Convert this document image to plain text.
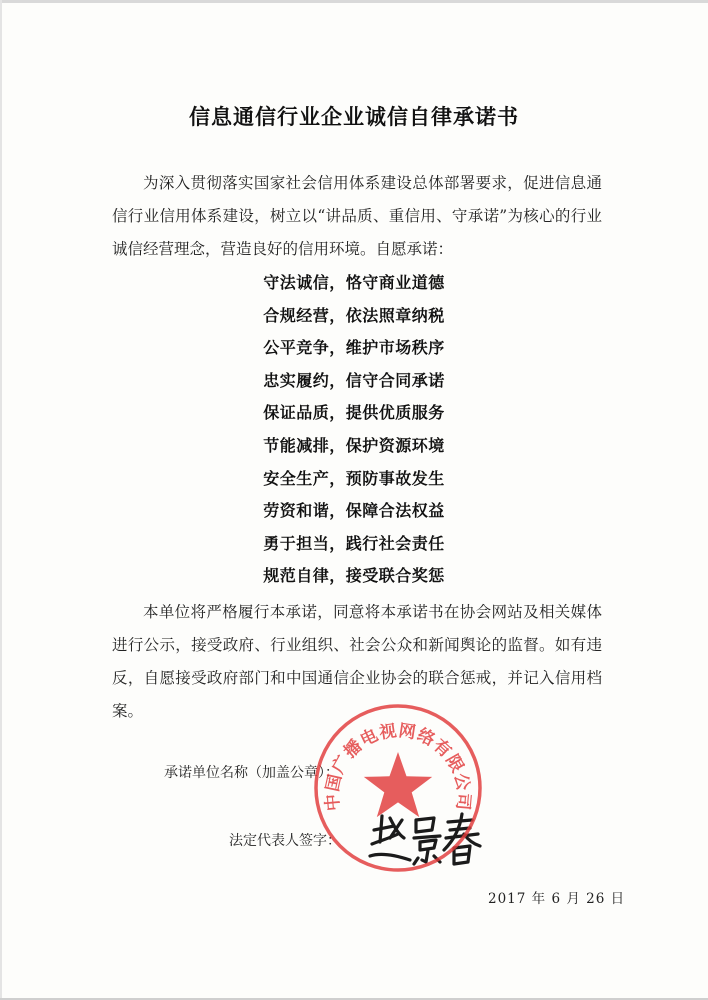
信息通信行业企业诚信自律承诺书

为深入贯彻落实国家社会信用体系建设总体部署要求，促进信息通信行业信用体系建设，树立以“讲品质、重信用、守承诺”为核心的行业诚信经营理念，营造良好的信用环境。自愿承诺：

守法诚信，恪守商业道德
合规经营，依法照章纳税
公平竞争，维护市场秩序
忠实履约，信守合同承诺
保证品质，提供优质服务
节能减排，保护资源环境
安全生产，预防事故发生
劳资和谐，保障合法权益
勇于担当，践行社会责任
规范自律，接受联合奖惩

本单位将严格履行本承诺，同意将本承诺书在协会网站及相关媒体进行公示，接受政府、行业组织、社会公众和新闻舆论的监督。如有违反，自愿接受政府部门和中国通信企业协会的联合惩戒，并记入信用档案。

承诺单位名称（加盖公章）：
法定代表人签字：
中国广播电视网络有限公司
2017 年 6 月 26 日
